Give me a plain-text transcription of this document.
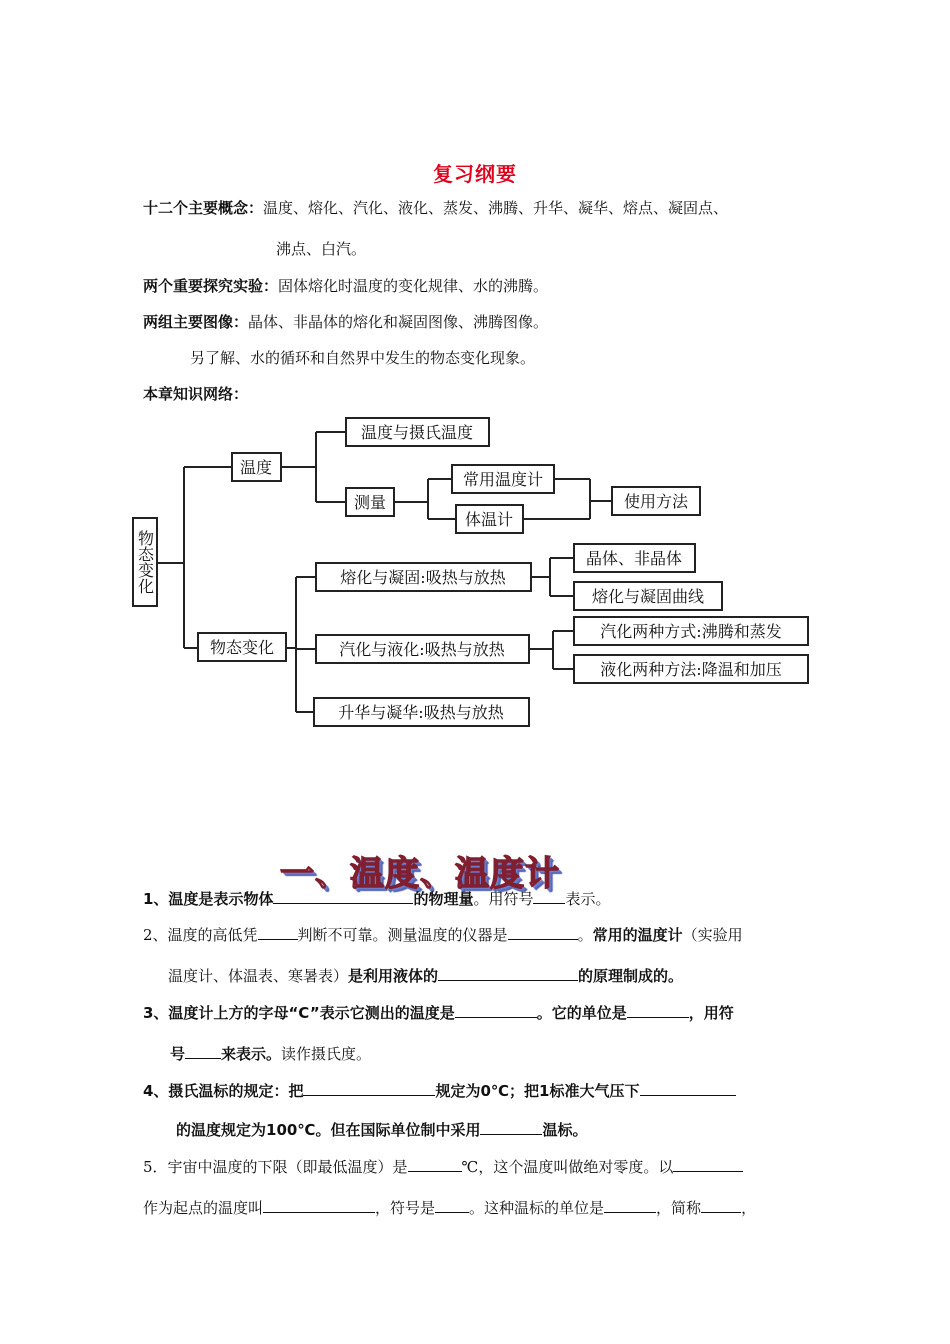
复习纲要
十二个主要概念：温度、熔化、汽化、液化、蒸发、沸腾、升华、凝华、熔点、凝固点、
沸点、白汽。
两个重要探究实验：固体熔化时温度的变化规律、水的沸腾。
两组主要图像：晶体、非晶体的熔化和凝固图像、沸腾图像。
另了解、水的循环和自然界中发生的物态变化现象。
本章知识网络：
物态变化
温度
温度与摄氏温度
测量
常用温度计
体温计
使用方法
物态变化
熔化与凝固:吸热与放热
汽化与液化:吸热与放热
升华与凝华:吸热与放热
晶体、非晶体
熔化与凝固曲线
汽化两种方式:沸腾和蒸发
液化两种方法:降温和加压
一、温度、温度计
1、温度是表示物体	的物理量。用符号 表示。
2、温度的高低凭	判断不可靠。测量温度的仪器是	。常用的温度计（实验用
温度计、体温表、寒暑表）是利用液体的	的原理制成的。
3、温度计上方的字母“C”表示它测出的温度是	。它的单位是	，用符
号 来表示。读作摄氏度。
4、摄氏温标的规定：把	规定为0℃；把1标准大气压下
的温度规定为100℃。但在国际单位制中采用	温标。
5．宇宙中温度的下限（即最低温度）是	℃，这个温度叫做绝对零度。以
作为起点的温度叫	，符号是 。这种温标的单位是	，简称	，
